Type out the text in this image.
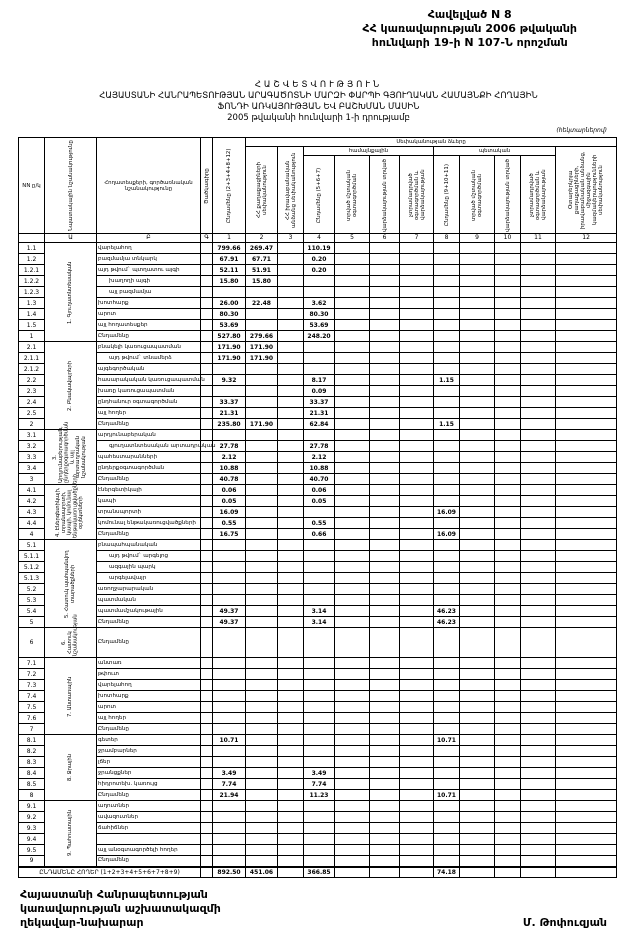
Հավելված N 8
ՀՀ կառավարության 2006 թվականի
հունվարի 19-ի N 107-Ն որոշման
ՀԱՇՎԵՏՎՈՒԹՅՈՒՆ
ՀԱՅԱՍՏԱՆԻ ՀԱՆՐԱՊԵՏՈՒԹՅԱՆ ԱՐԱԳԱԾՈՏՆԻ ՄԱՐԶԻ ՓԱՐՊԻ ԳՅՈՒՂԱԿԱՆ ՀԱՄԱՅՆՔԻ ՀՈՂԱՅԻՆ
ՖՈՆԴԻ ԱՌԿԱՅՈՒԹՅԱՆ ԵՎ ԲԱՇԽՄԱՆ ՄԱՍԻՆ
2005 թվականի հունվարի 1-ի դրությամբ
(հեկտարներով)
NN ը/կ	Նպատակային նշանակությունը	Հողատեսքերի, գործառնական նշանակությունը	Ծածկագիրը	Ընդամենը (2+3+4+8+12)	Սեփականության ձևերը										

					ՀՀ քաղաքացիների սեփականություն	ՀՀ իրավաբանական անձանց սեփականություն	համայնքային				պետական				Օտարերկրյա քաղաքացիների, իրավաբանական անձանց, միջազգային կազմակերպությունների սեփականություն

							Ընդամենը (5+6+7)	տրված մշտական օգտագործման	վարձակալության տրված	չտրամադրված օգտագործման և վարձակալության	Ընդամենը (9+10+11)	տրված մշտական օգտագործման	վարձակալության տրված	չտրամադրված օգտագործման և վարձակալության	

	Ա	Բ	Գ	1	2	3	4	5	6	7	8	9	10	11	12
1.1	1. Գյուղատնտեսական	վարելահող		799.66	269.47		110.19								
1.2		բազմամյա տնկարկ		67.91	67.71		0.20								
1.2.1		այդ թվում` պտղատու այգի		52.11	51.91		0.20								
1.2.2		խաղողի այգի		15.80	15.80										
1.2.3		այլ բազմամյա													
1.3		խոտհարք		26.00	22.48		3.62								
1.4		արոտ		80.30			80.30								
1.5		այլ հողատեսքեր		53.69			53.69								
1		Ընդամենը		527.80	279.66		248.20								
2.1	2. Բնակավայրերի	բնակելի կառուցապատման		171.90	171.90										
2.1.1		այդ թվում` տնամերձ		171.90	171.90										
2.1.2		այգեգործական													
2.2		հասարակական կառուցապատման		9.32			8.17				1.15				
2.3		խառը կառուցապատման					0.09								
2.4		ընդհանուր օգտագործման		33.37			33.37								
2.5		այլ հողեր		21.31			21.31								
2		Ընդամենը		235.80	171.90		62.84				1.15				
3.1	3. Արդյունաբերության, ընդերքօգտագործման և այլ արտադրական նշանակության	արդյունաբերական													
3.2		գյուղատնտեսական արտադրական		27.78			27.78								
3.3		պահեստարանների		2.12			2.12								
3.4		ընդերքօգտագործման		10.88			10.88								
3		Ընդամենը		40.78			40.70								
4.1	4. Էներգետիկայի, տրանսպորտի, կապի, կոմունալ ենթակառուցվածքների օբյեկտների	էներգետիկայի		0.06			0.06								
4.2		կապի		0.05			0.05								
4.3		տրանսպորտի		16.09							16.09				
4.4		կոմունալ ենթակառուցվածքների		0.55			0.55								
4		Ընդամենը		16.75			0.66				16.09				
5.1	5. Հատուկ պահպանվող տարածքների	բնապահպանական													
5.1.1		այդ թվում` արգելոց													
5.1.2		ազգային պարկ													
5.1.3		արգելավայր													
5.2		առողջարարական													
5.3		պատմական													
5.4		պատմամշակութային		49.37			3.14				46.23				
5		Ընդամենը		49.37			3.14				46.23				
6	6. Հատուկ նշանակության	Ընդամենը													
7.1	7. Անտառային	անտառ													
7.2		թփուտ													
7.3		վարելահող													
7.4		խոտհարք													
7.5		արոտ													
7.6		այլ հողեր													
7		Ընդամենը													
8.1	8. Ջրային	գետեր		10.71							10.71				
8.2		ջրամբարներ													
8.3		լճեր													
8.4		ջրանցքներ		3.49			3.49								
8.5		հիդրոտեխ. կառույց		7.74			7.74								
8		Ընդամենը		21.94			11.23				10.71				
9.1	9. Պահուստային	աղուտներ													
9.2		ավազուտներ													
9.3		ճահիճներ													
9.4															
9.5		այլ անօգտագործելի հողեր													
9		Ընդամենը													
ԸՆԴԱՄԵՆԸ ՀՈՂԵՐ (1+2+3+4+5+6+7+8+9)				892.50	451.06		366.85				74.18				
Հայաստանի Հանրապետության
կառավարության աշխատակազմի
ղեկավար-նախարար	Մ. Թոփուզյան
